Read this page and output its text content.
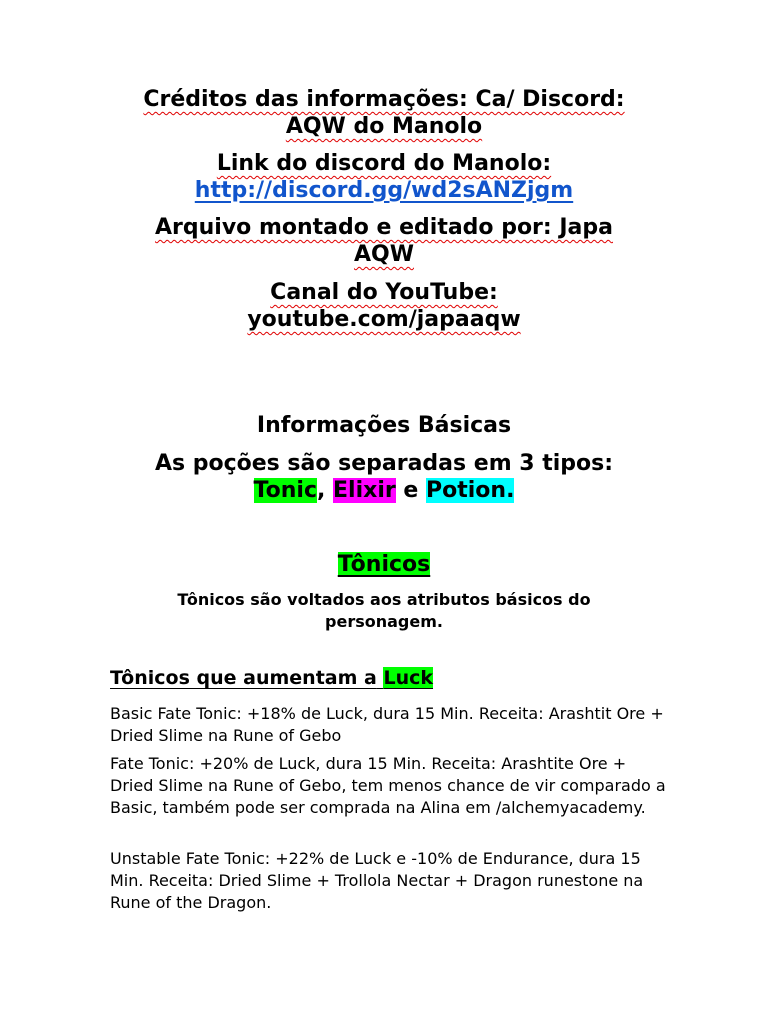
Créditos das informações: Ca/ Discord:
AQW do Manolo
Link do discord do Manolo:
http://discord.gg/wd2sANZjgm
Arquivo montado e editado por: Japa
AQW
Canal do YouTube:
youtube.com/japaaqw
Informações Básicas
As poções são separadas em 3 tipos:
Tonic, Elixir e Potion.
Tônicos
Tônicos são voltados aos atributos básicos do
personagem.
Tônicos que aumentam a Luck
Basic Fate Tonic: +18% de Luck, dura 15 Min. Receita: Arashtit Ore + Dried Slime na Rune of Gebo
Fate Tonic: +20% de Luck, dura 15 Min. Receita: Arashtite Ore + Dried Slime na Rune of Gebo, tem menos chance de vir comparado a Basic, também pode ser comprada na Alina em /alchemyacademy.
Unstable Fate Tonic: +22% de Luck e -10% de Endurance, dura 15 Min. Receita: Dried Slime + Trollola Nectar + Dragon runestone na Rune of the Dragon.
